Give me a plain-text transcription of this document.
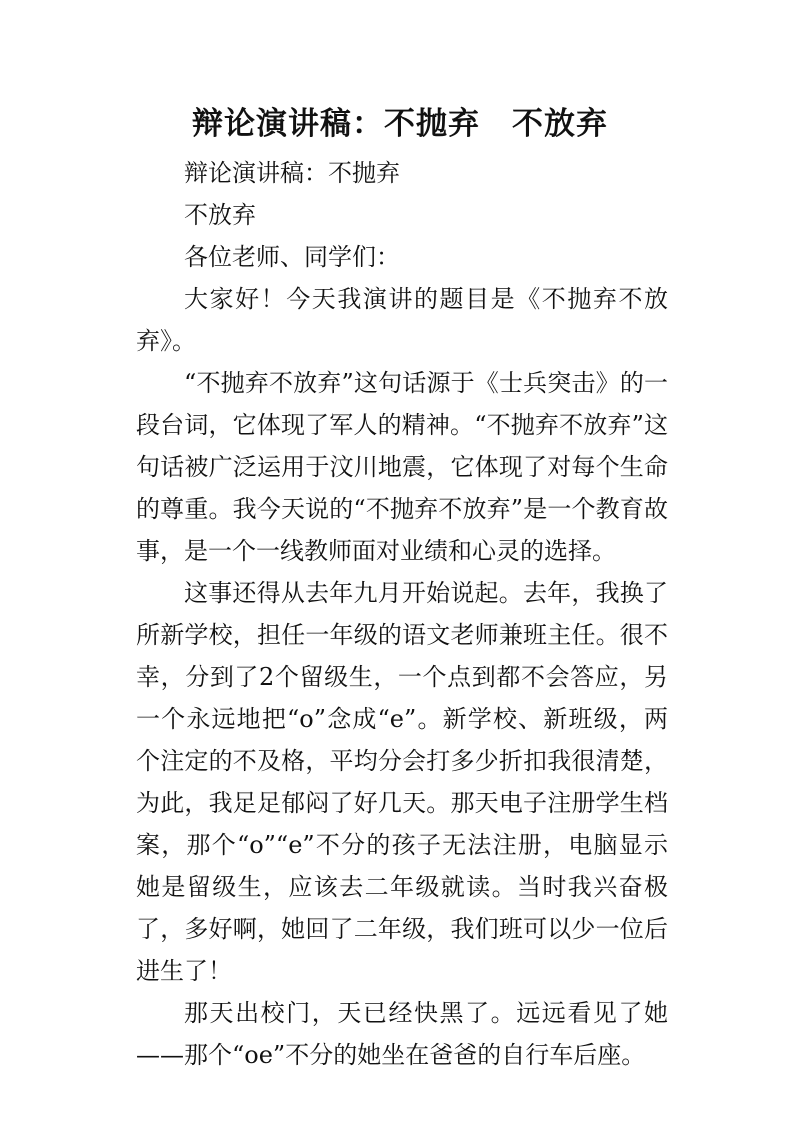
辩论演讲稿：不抛弃　不放弃

辩论演讲稿：不抛弃

不放弃

各位老师、同学们：

大家好！今天我演讲的题目是《不抛弃不放弃》。

“不抛弃不放弃”这句话源于《士兵突击》的一段台词，它体现了军人的精神。“不抛弃不放弃”这句话被广泛运用于汶川地震，它体现了对每个生命的尊重。我今天说的“不抛弃不放弃”是一个教育故事，是一个一线教师面对业绩和心灵的选择。

这事还得从去年九月开始说起。去年，我换了所新学校，担任一年级的语文老师兼班主任。很不幸，分到了2个留级生，一个点到都不会答应，另一个永远地把“o”念成“e”。新学校、新班级，两个注定的不及格，平均分会打多少折扣我很清楚，为此，我足足郁闷了好几天。那天电子注册学生档案，那个“o”“e”不分的孩子无法注册，电脑显示她是留级生，应该去二年级就读。当时我兴奋极了，多好啊，她回了二年级，我们班可以少一位后进生了！

那天出校门，天已经快黑了。远远看见了她——那个“oe”不分的她坐在爸爸的自行车后座。
